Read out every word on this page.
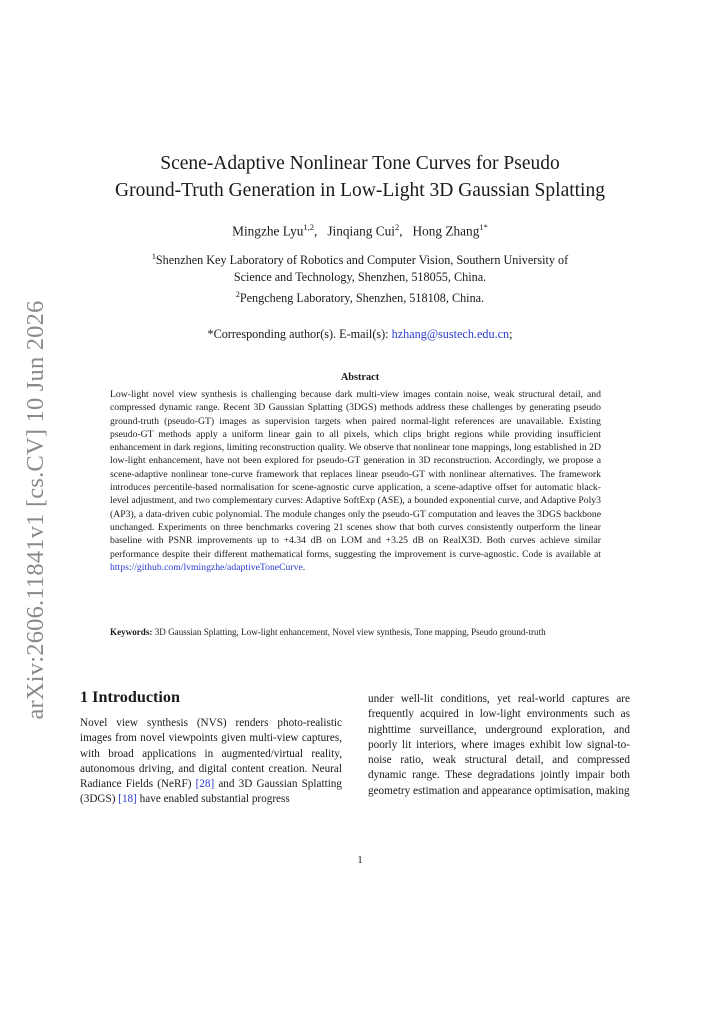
arXiv:2606.11841v1 [cs.CV] 10 Jun 2026
Scene-Adaptive Nonlinear Tone Curves for Pseudo
Ground-Truth Generation in Low-Light 3D Gaussian Splatting
Mingzhe Lyu$^{1,2}$,   Jinqiang Cui$^2$,   Hong Zhang$^{1*}$
$^1$Shenzhen Key Laboratory of Robotics and Computer Vision, Southern University of
Science and Technology, Shenzhen, 518055, China.
$^2$Pengcheng Laboratory, Shenzhen, 518108, China.
*Corresponding author(s). E-mail(s): hzhang@sustech.edu.cn;
Abstract
Low-light novel view synthesis is challenging because dark multi-view images contain noise, weak structural detail, and compressed dynamic range. Recent 3D Gaussian Splatting (3DGS) methods address these challenges by generating pseudo ground-truth (pseudo-GT) images as supervision targets when paired normal-light references are unavailable. Existing pseudo-GT methods apply a uniform linear gain to all pixels, which clips bright regions while providing insufficient enhancement in dark regions, limiting reconstruction quality. We observe that nonlinear tone mappings, long established in 2D low-light enhancement, have not been explored for pseudo-GT generation in 3D reconstruction. Accordingly, we propose a scene-adaptive nonlinear tone-curve framework that replaces linear pseudo-GT with nonlinear alternatives. The framework introduces percentile-based normalisation for scene-agnostic curve application, a scene-adaptive offset for automatic black-level adjustment, and two complementary curves: Adaptive SoftExp (ASE), a bounded exponential curve, and Adaptive Poly3 (AP3), a data-driven cubic polynomial. The module changes only the pseudo-GT computation and leaves the 3DGS backbone unchanged. Experiments on three benchmarks covering 21 scenes show that both curves consistently outperform the linear baseline with PSNR improvements up to +4.34 dB on LOM and +3.25 dB on RealX3D. Both curves achieve similar performance despite their different mathematical forms, suggesting the improvement is curve-agnostic. Code is available at https://github.com/lvmingzhe/adaptiveToneCurve.
Keywords: 3D Gaussian Splatting, Low-light enhancement, Novel view synthesis, Tone mapping, Pseudo ground-truth
1 Introduction
Novel view synthesis (NVS) renders photo-realistic images from novel viewpoints given multi-view captures, with broad applications in augmented/virtual reality, autonomous driving, and digital content creation. Neural Radiance Fields (NeRF) [28] and 3D Gaussian Splatting (3DGS) [18] have enabled substantial progress
under well-lit conditions, yet real-world captures are frequently acquired in low-light environments such as nighttime surveillance, underground exploration, and poorly lit interiors, where images exhibit low signal-to-noise ratio, weak structural detail, and compressed dynamic range. These degradations jointly impair both geometry estimation and appearance optimisation, making
1
